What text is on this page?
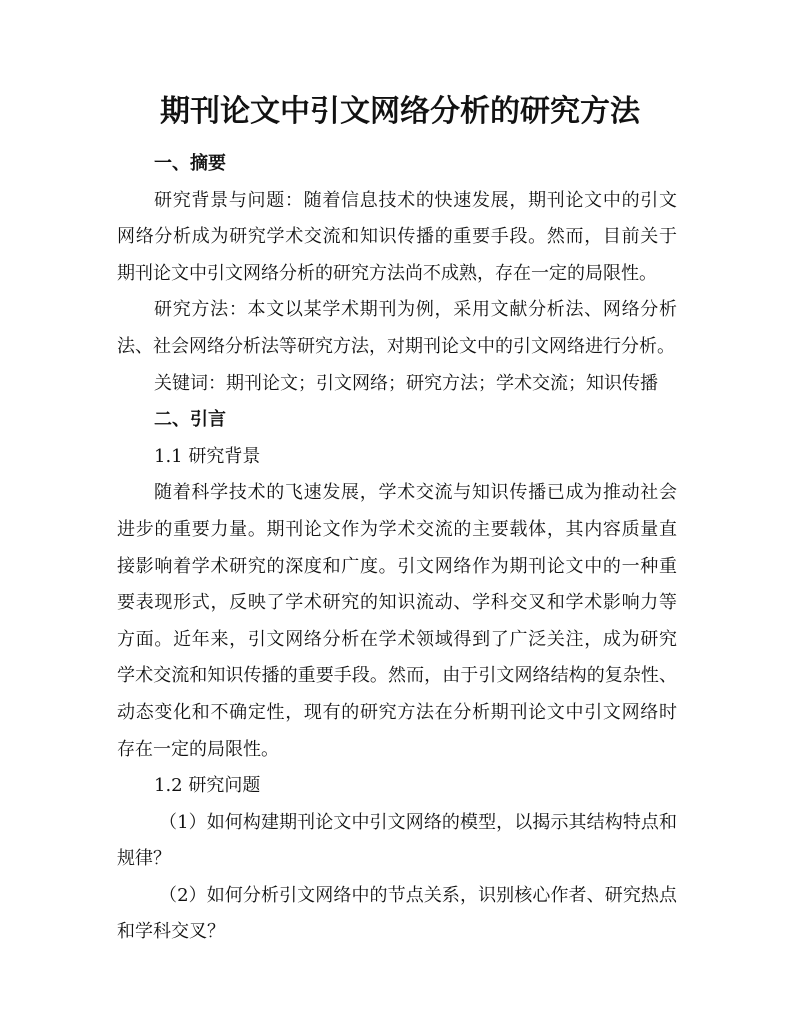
期刊论文中引文网络分析的研究方法
一、摘要
研究背景与问题：随着信息技术的快速发展，期刊论文中的引文
网络分析成为研究学术交流和知识传播的重要手段。然而，目前关于
期刊论文中引文网络分析的研究方法尚不成熟，存在一定的局限性。
研究方法：本文以某学术期刊为例，采用文献分析法、网络分析
法、社会网络分析法等研究方法，对期刊论文中的引文网络进行分析。
关键词：期刊论文；引文网络；研究方法；学术交流；知识传播
二、引言
1.1 研究背景
随着科学技术的飞速发展，学术交流与知识传播已成为推动社会
进步的重要力量。期刊论文作为学术交流的主要载体，其内容质量直
接影响着学术研究的深度和广度。引文网络作为期刊论文中的一种重
要表现形式，反映了学术研究的知识流动、学科交叉和学术影响力等
方面。近年来，引文网络分析在学术领域得到了广泛关注，成为研究
学术交流和知识传播的重要手段。然而，由于引文网络结构的复杂性、
动态变化和不确定性，现有的研究方法在分析期刊论文中引文网络时
存在一定的局限性。
1.2 研究问题
（1）如何构建期刊论文中引文网络的模型，以揭示其结构特点和
规律？
（2）如何分析引文网络中的节点关系，识别核心作者、研究热点
和学科交叉？
